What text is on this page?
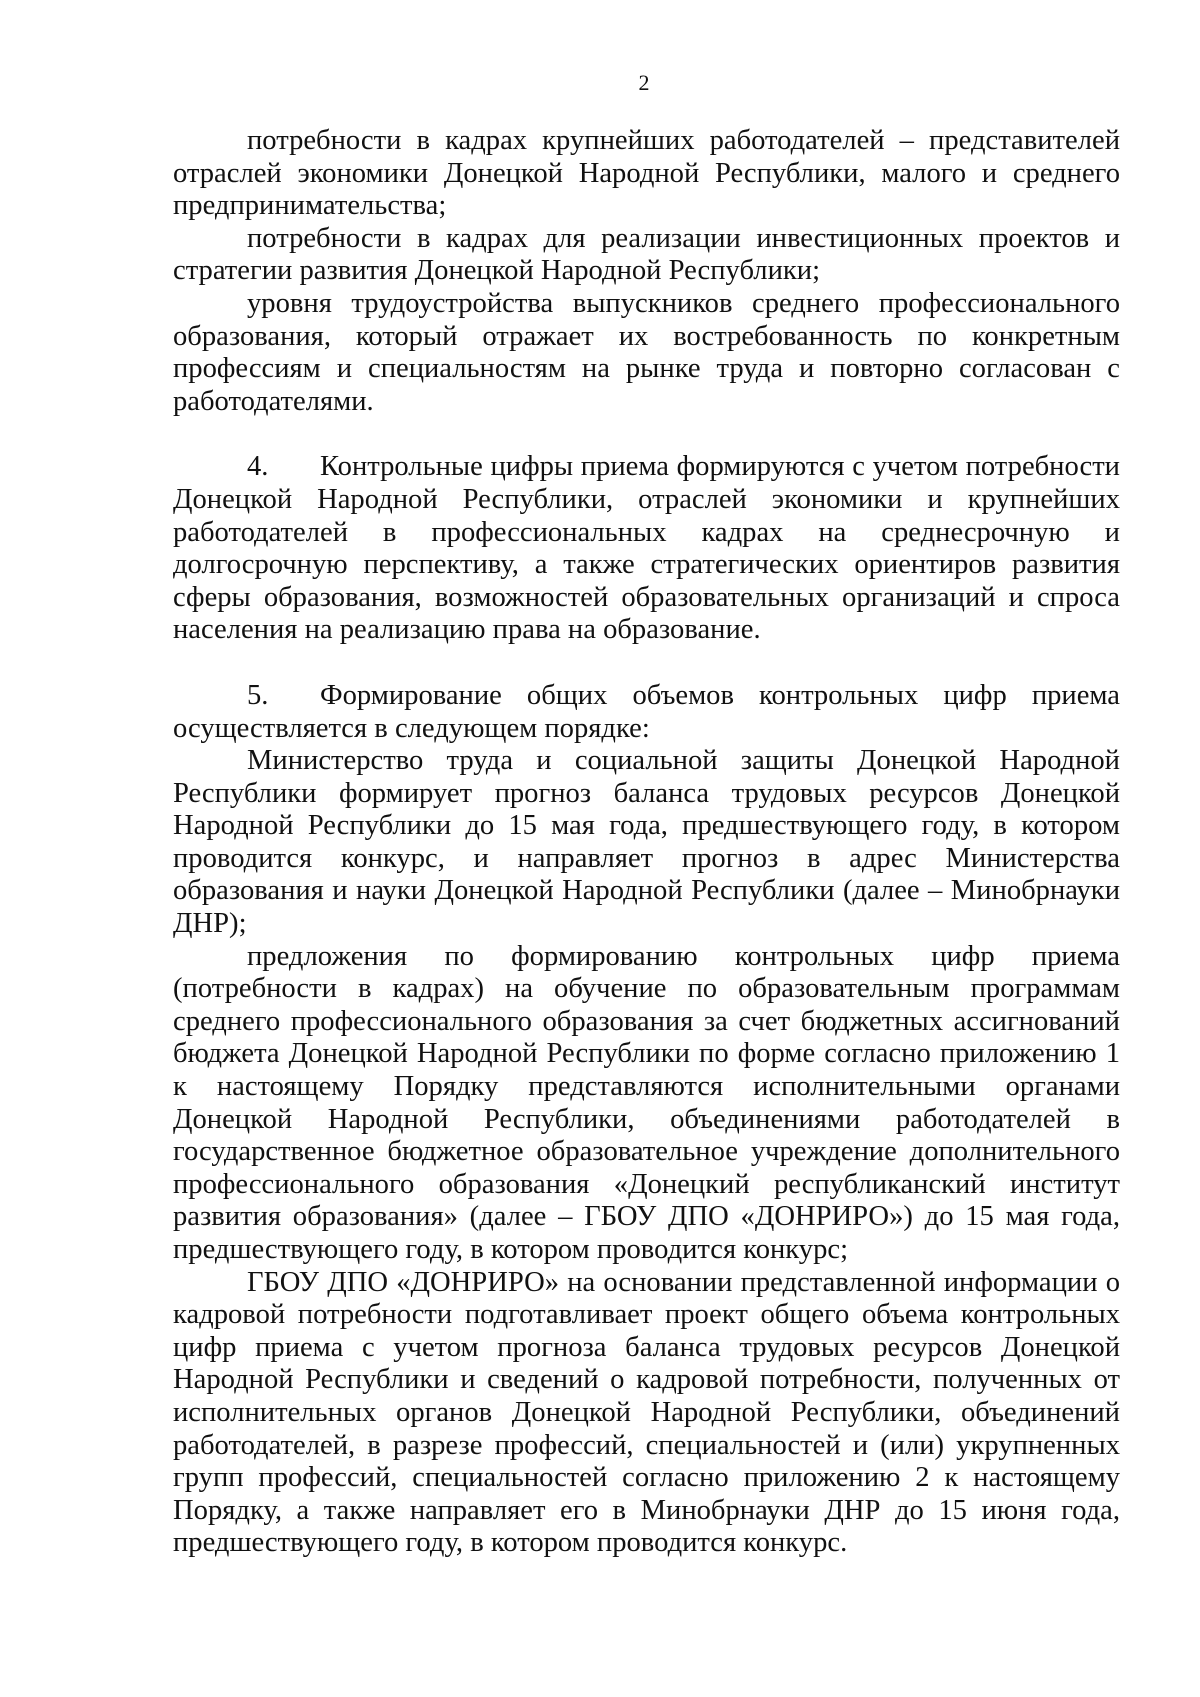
2

потребности в кадрах крупнейших работодателей – представителей отраслей экономики Донецкой Народной Республики, малого и среднего предпринимательства;

потребности в кадрах для реализации инвестиционных проектов и стратегии развития Донецкой Народной Республики;

уровня трудоустройства выпускников среднего профессионального образования, который отражает их востребованность по конкретным профессиям и специальностям на рынке труда и повторно согласован с работодателями.

4. Контрольные цифры приема формируются с учетом потребности Донецкой Народной Республики, отраслей экономики и крупнейших работодателей в профессиональных кадрах на среднесрочную и долгосрочную перспективу, а также стратегических ориентиров развития сферы образования, возможностей образовательных организаций и спроса населения на реализацию права на образование.

5. Формирование общих объемов контрольных цифр приема осуществляется в следующем порядке:

Министерство труда и социальной защиты Донецкой Народной Республики формирует прогноз баланса трудовых ресурсов Донецкой Народной Республики до 15 мая года, предшествующего году, в котором проводится конкурс, и направляет прогноз в адрес Министерства образования и науки Донецкой Народной Республики (далее – Минобрнауки ДНР);

предложения по формированию контрольных цифр приема (потребности в кадрах) на обучение по образовательным программам среднего профессионального образования за счет бюджетных ассигнований бюджета Донецкой Народной Республики по форме согласно приложению 1 к настоящему Порядку представляются исполнительными органами Донецкой Народной Республики, объединениями работодателей в государственное бюджетное образовательное учреждение дополнительного профессионального образования «Донецкий республиканский институт развития образования» (далее – ГБОУ ДПО «ДОНРИРО») до 15 мая года, предшествующего году, в котором проводится конкурс;

ГБОУ ДПО «ДОНРИРО» на основании представленной информации о кадровой потребности подготавливает проект общего объема контрольных цифр приема с учетом прогноза баланса трудовых ресурсов Донецкой Народной Республики и сведений о кадровой потребности, полученных от исполнительных органов Донецкой Народной Республики, объединений работодателей, в разрезе профессий, специальностей и (или) укрупненных групп профессий, специальностей согласно приложению 2 к настоящему Порядку, а также направляет его в Минобрнауки ДНР до 15 июня года, предшествующего году, в котором проводится конкурс.
